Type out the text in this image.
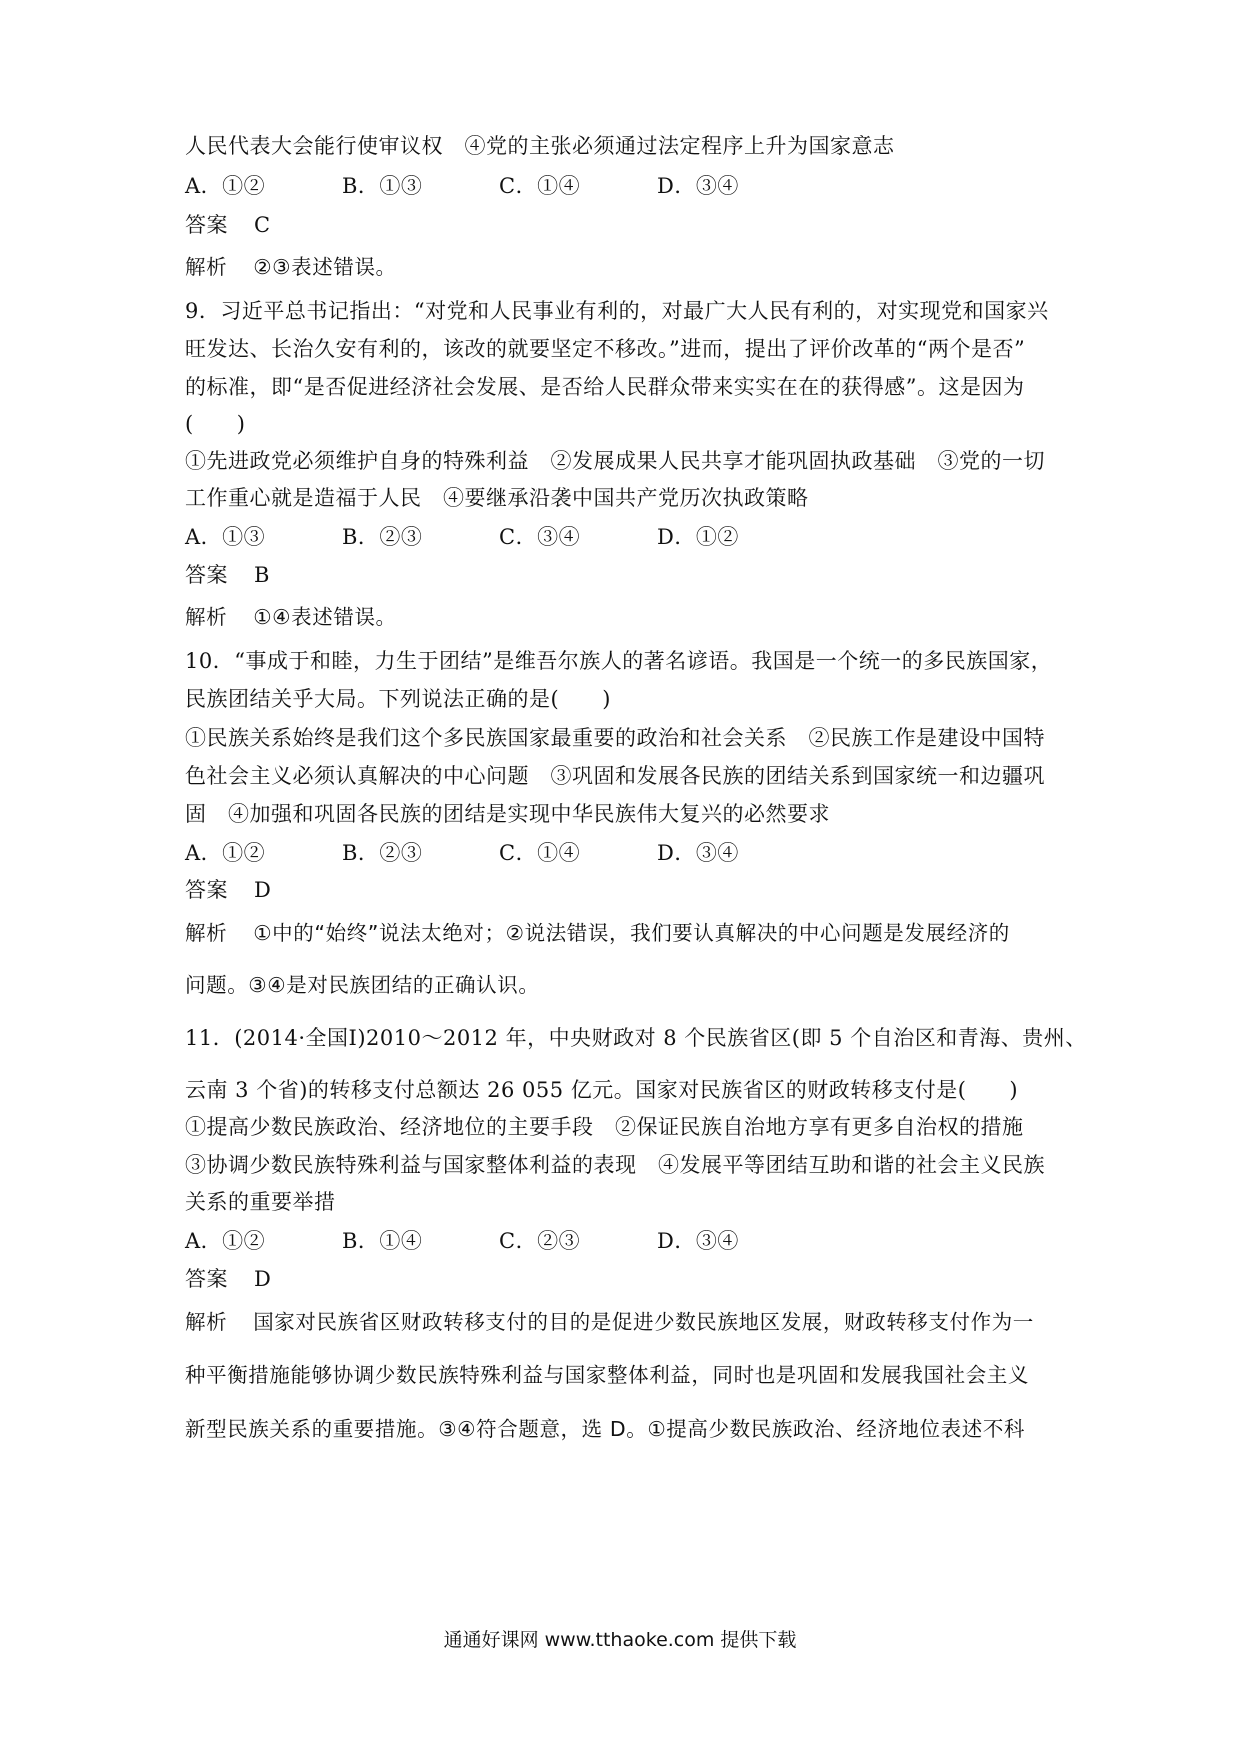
人民代表大会能行使审议权　④党的主张必须通过法定程序上升为国家意志
A．①②	B．①③	C．①④	D．③④
答案 C
解析 ②③表述错误。
9．习近平总书记指出：“对党和人民事业有利的，对最广大人民有利的，对实现党和国家兴
旺发达、长治久安有利的，该改的就要坚定不移改。”进而，提出了评价改革的“两个是否”
的标准，即“是否促进经济社会发展、是否给人民群众带来实实在在的获得感”。这是因为
(　　)
①先进政党必须维护自身的特殊利益　②发展成果人民共享才能巩固执政基础　③党的一切
工作重心就是造福于人民　④要继承沿袭中国共产党历次执政策略
A．①③	B．②③	C．③④	D．①②
答案 B
解析 ①④表述错误。
10．“事成于和睦，力生于团结”是维吾尔族人的著名谚语。我国是一个统一的多民族国家，
民族团结关乎大局。下列说法正确的是(　　)
①民族关系始终是我们这个多民族国家最重要的政治和社会关系　②民族工作是建设中国特
色社会主义必须认真解决的中心问题　③巩固和发展各民族的团结关系到国家统一和边疆巩
固　④加强和巩固各民族的团结是实现中华民族伟大复兴的必然要求
A．①②	B．②③	C．①④	D．③④
答案 D
解析 ①中的“始终”说法太绝对；②说法错误，我们要认真解决的中心问题是发展经济的
问题。③④是对民族团结的正确认识。
11．(2014·全国Ⅰ)2010～2012 年，中央财政对 8 个民族省区(即 5 个自治区和青海、贵州、
云南 3 个省)的转移支付总额达 26 055 亿元。国家对民族省区的财政转移支付是(　　)
①提高少数民族政治、经济地位的主要手段　②保证民族自治地方享有更多自治权的措施
③协调少数民族特殊利益与国家整体利益的表现　④发展平等团结互助和谐的社会主义民族
关系的重要举措
A．①②	B．①④	C．②③	D．③④
答案 D
解析 国家对民族省区财政转移支付的目的是促进少数民族地区发展，财政转移支付作为一
种平衡措施能够协调少数民族特殊利益与国家整体利益，同时也是巩固和发展我国社会主义
新型民族关系的重要措施。③④符合题意，选 D。①提高少数民族政治、经济地位表述不科
通通好课网 www.tthaoke.com 提供下载
